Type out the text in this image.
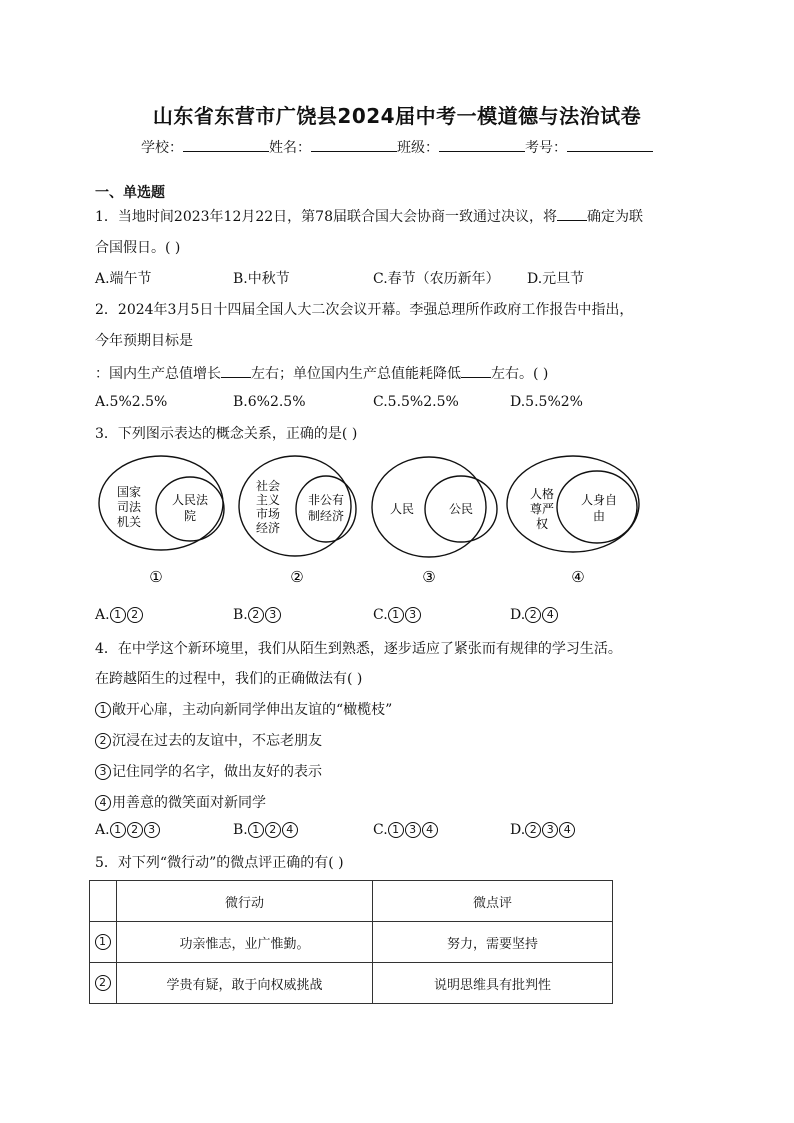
山东省东营市广饶县2024届中考一模道德与法治试卷
学校：	姓名：	班级：	考号：
一、单选题
1．当地时间2023年12月22日，第78届联合国大会协商一致通过决议，将 确定为联
合国假日。( )
A.端午节	B.中秋节	C.春节（农历新年） D.元旦节
2．2024年3月5日十四届全国人大二次会议开幕。李强总理所作政府工作报告中指出，
今年预期目标是
：国内生产总值增长 左右；单位国内生产总值能耗降低 左右。( )
A.5%2.5%	B.6%2.5%	C.5.5%2.5%	D.5.5%2%
3．下列图示表达的概念关系，正确的是( )
国家
司法
机关
人民法
院
①
社会
主义
市场
经济
非公有
制经济
②
人民	公民
③
人格
尊严
权
人身自
由
④
A. 1 2	B. 2 3	C. 1 3	D. 2 4
4．在中学这个新环境里，我们从陌生到熟悉，逐步适应了紧张而有规律的学习生活。
在跨越陌生的过程中，我们的正确做法有( )
1 敞开心扉，主动向新同学伸出友谊的“橄榄枝”
2 沉浸在过去的友谊中，不忘老朋友
3 记住同学的名字，做出友好的表示
4 用善意的微笑面对新同学
A. 1 2 3	B. 1 2 4	C. 1 3 4	D. 2 3 4
5．对下列“微行动”的微点评正确的有( )
	微行动	微点评
1	功亲惟志，业广惟勤。	努力，需要坚持
2	学贵有疑，敢于向权威挑战	说明思维具有批判性
